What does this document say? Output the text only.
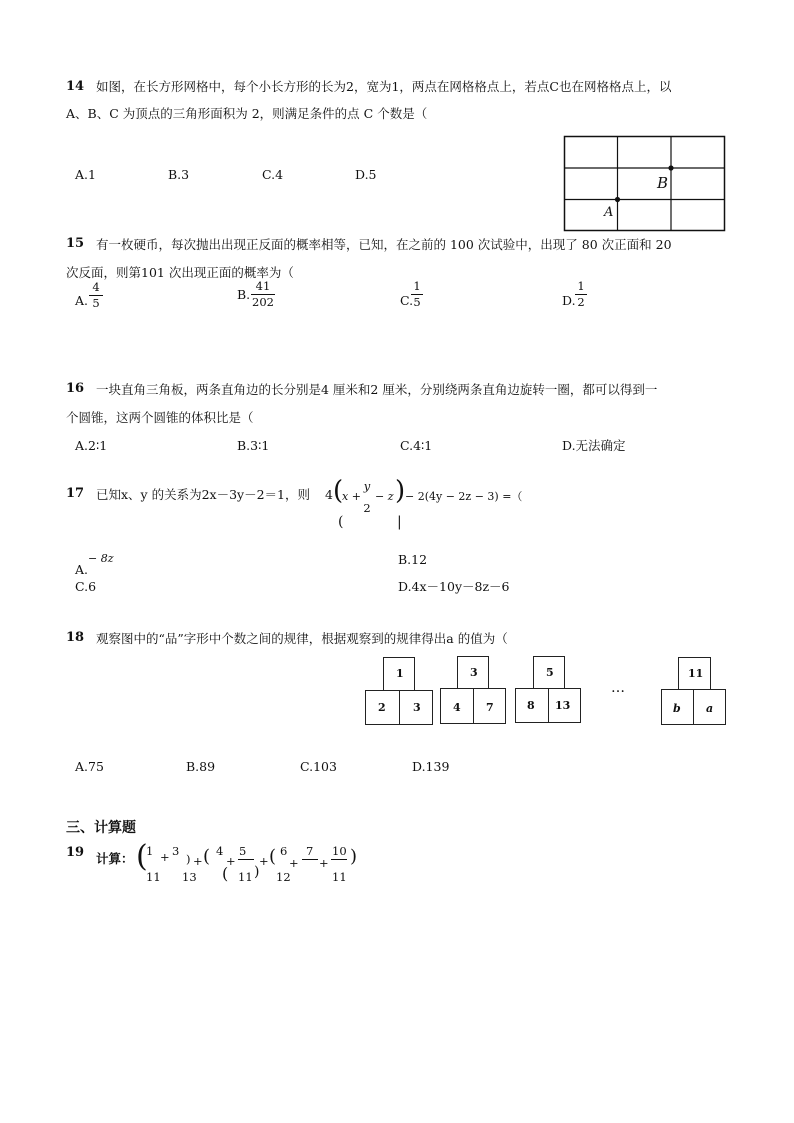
14 如图，在长方形网格中，每个小长方形的长为2，宽为1，两点在网格格点上，若点C也在网格格点上，以
A、B、C 为顶点的三角形面积为 2，则满足条件的点 C 个数是（
A.1	B.3	C.4	D.5	B
A
15 有一枚硬币，每次抛出出现正反面的概率相等，已知，在之前的 100 次试验中，出现了 80 次正面和 20
次反面，则第101 次出现正面的概率为（
A.
4
5
B.
41
202	C.
1
5	D.
1
2
16 一块直角三角板，两条直角边的长分别是4 厘米和2 厘米，分别绕两条直角边旋转一圈，都可以得到一
个圆锥，这两个圆锥的体积比是（
A.2∶1	B.3∶1	C.4∶1	D.无法确定
17 已知x、y 的关系为2x－3y－2＝1，则 4 (
x +
y
2
− z ) − 2(4y − 2z − 3) =（
(	|
A.
− 8z	B.12
C.6	D.4x－10y－8z－6
18 观察图中的“品”字形中个数之间的规律，根据观察到的规律得出a 的值为（
1
2 3
3
4 7
5
8 13
…
11
b a
A.75	B.89	C.103	D.139
三、计算题
19 计算： (
1
11
+ 3
13
) + ( 4
(
+
5
11 )
+ ( 6
12
+
7
+
10
11
)
